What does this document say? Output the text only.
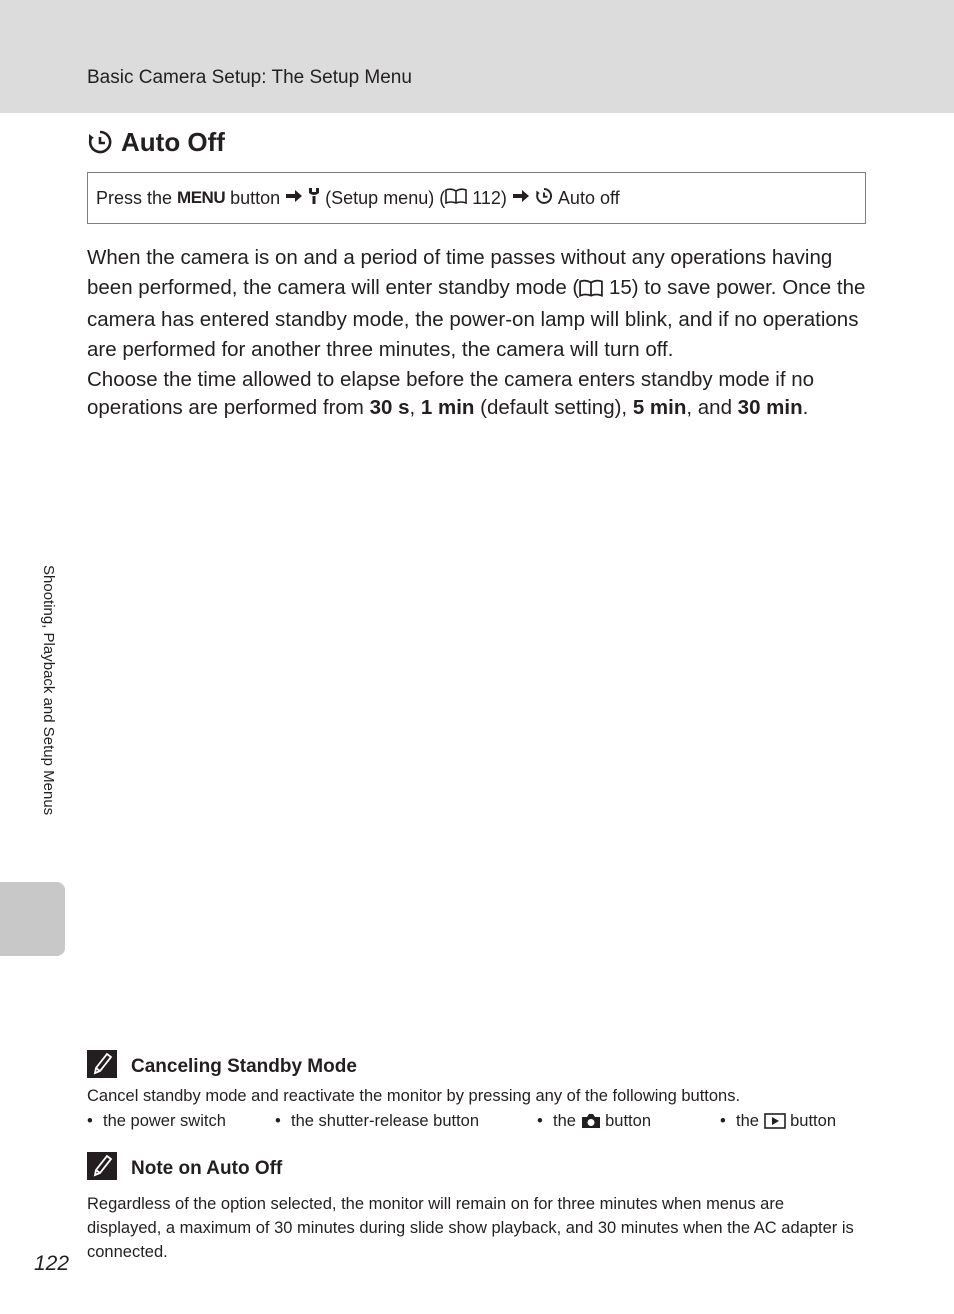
Basic Camera Setup: The Setup Menu
Auto Off
Press the MENU button	(Setup menu) ( 112)	Auto off

When the camera is on and a period of time passes without any operations having been performed, the camera will enter standby mode ( 15) to save power. Once the camera has entered standby mode, the power-on lamp will blink, and if no operations are performed for another three minutes, the camera will turn off.

Choose the time allowed to elapse before the camera enters standby mode if no operations are performed from 30 s, 1 min (default setting), 5 min, and 30 min.

Shooting, Playback and Setup Menus
Canceling Standby Mode

Cancel standby mode and reactivate the monitor by pressing any of the following buttons.

• the power switch	• the shutter-release button	• the button	• the button
Note on Auto Off

Regardless of the option selected, the monitor will remain on for three minutes when menus are displayed, a maximum of 30 minutes during slide show playback, and 30 minutes when the AC adapter is connected.

122
